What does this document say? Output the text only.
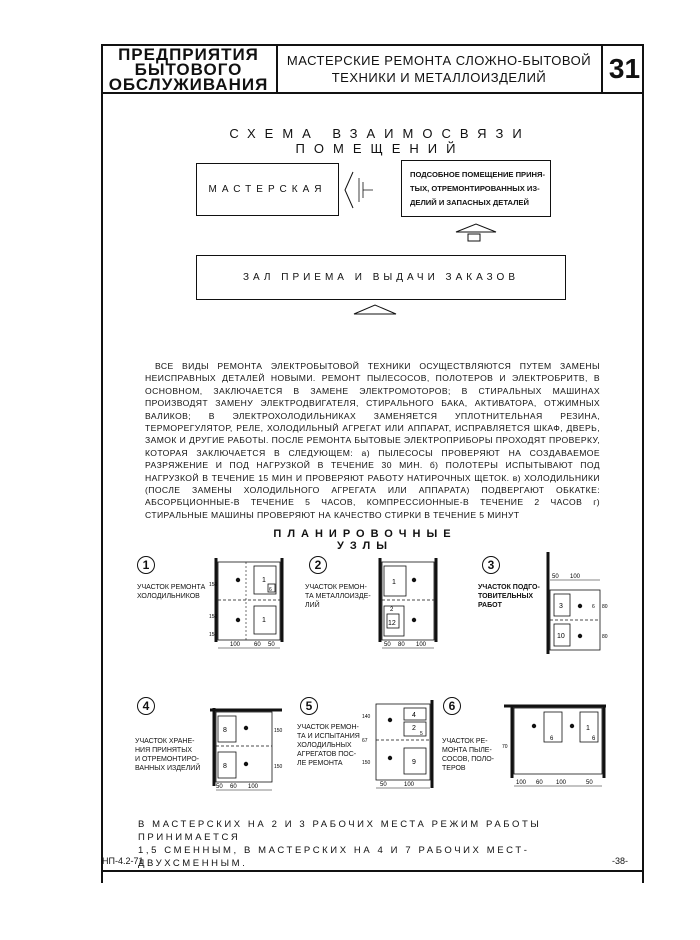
ПРЕДПРИЯТИЯ
БЫТОВОГО
ОБСЛУЖИВАНИЯ
МАСТЕРСКИЕ РЕМОНТА СЛОЖНО-БЫТОВОЙ
ТЕХНИКИ И МЕТАЛЛОИЗДЕЛИЙ 31
СХЕМА ВЗАИМОСВЯЗИ ПОМЕЩЕНИЙ
МАСТЕРСКАЯ
ПОДСОБНОЕ ПОМЕЩЕНИЕ ПРИНЯ-
ТЫХ, ОТРЕМОНТИРОВАННЫХ ИЗ-
ДЕЛИЙ И ЗАПАСНЫХ ДЕТАЛЕЙ
ЗАЛ ПРИЕМА И ВЫДАЧИ ЗАКАЗОВ

ВСЕ ВИДЫ РЕМОНТА ЭЛЕКТРОБЫТОВОЙ ТЕХНИКИ ОСУЩЕСТВЛЯЮТСЯ ПУТЕМ ЗАМЕНЫ НЕИСПРАВНЫХ ДЕТАЛЕЙ НОВЫМИ. РЕМОНТ ПЫЛЕСОСОВ, ПОЛОТЕРОВ И ЭЛЕКТРОБРИТВ, В ОСНОВНОМ, ЗАКЛЮЧАЕТСЯ В ЗАМЕНЕ ЭЛЕКТРОМОТОРОВ; В СТИРАЛЬНЫХ МАШИНАХ ПРОИЗВОДЯТ ЗАМЕНУ ЭЛЕКТРОДВИГАТЕЛЯ, СТИРАЛЬНОГО БАКА, АКТИВАТОРА, ОТЖИМНЫХ ВАЛИКОВ; В ЭЛЕКТРОХОЛОДИЛЬНИКАХ ЗАМЕНЯЕТСЯ УПЛОТНИТЕЛЬНАЯ РЕЗИНА, ТЕРМОРЕГУЛЯТОР, РЕЛЕ, ХОЛОДИЛЬНЫЙ АГРЕГАТ ИЛИ АППАРАТ, ИСПРАВЛЯЕТСЯ ШКАФ, ДВЕРЬ, ЗАМОК И ДРУГИЕ РАБОТЫ. ПОСЛЕ РЕМОНТА БЫТОВЫЕ ЭЛЕКТРОПРИБОРЫ ПРОХОДЯТ ПРОВЕРКУ, КОТОРАЯ ЗАКЛЮЧАЕТСЯ В СЛЕДУЮЩЕМ: а) ПЫЛЕСОСЫ ПРОВЕРЯЮТ НА СОЗДАВАЕМОЕ РАЗРЯЖЕНИЕ И ПОД НАГРУЗКОЙ В ТЕЧЕНИЕ 30 МИН. б) ПОЛОТЕРЫ ИСПЫТЫВАЮТ ПОД НАГРУЗКОЙ В ТЕЧЕНИЕ 15 МИН И ПРОВЕРЯЮТ РАБОТУ НАТИРОЧНЫХ ЩЕТОК. в) ХОЛОДИЛЬНИКИ (ПОСЛЕ ЗАМЕНЫ ХОЛОДИЛЬНОГО АГРЕГАТА ИЛИ АППАРАТА) ПОДВЕРГАЮТ ОБКАТКЕ: АБСОРБЦИОННЫЕ-В ТЕЧЕНИЕ 5 ЧАСОВ, КОМПРЕССИОННЫЕ-В ТЕЧЕНИЕ 2 ЧАСОВ г) СТИРАЛЬНЫЕ МАШИНЫ ПРОВЕРЯЮТ НА КАЧЕСТВО СТИРКИ В ТЕЧЕНИЕ 5 МИНУТ

ПЛАНИРОВОЧНЫЕ УЗЛЫ
1
УЧАСТОК РЕМОНТА
ХОЛОДИЛЬНИКОВ
100 60 50
150
150
15
1
6
1
2
УЧАСТОК РЕМОН-
ТА МЕТАЛЛОИЗДЕ-
ЛИЙ
50 80 100
1
2
12
3
УЧАСТОК ПОДГО-
ТОВИТЕЛЬНЫХ
РАБОТ
50 100
80
80
3	6
10
4
УЧАСТОК ХРАНЕ-
НИЯ ПРИНЯТЫХ
И ОТРЕМОНТИРО-
ВАННЫХ ИЗДЕЛИЙ
50 60 100
150
150
8
8
5
УЧАСТОК РЕМОН-
ТА И ИСПЫТАНИЯ
ХОЛОДИЛЬНЫХ
АГРЕГАТОВ ПОС-
ЛЕ РЕМОНТА
50	100
140
67
150
4
2
5
9
6
УЧАСТОК РЕ-
МОНТА ПЫЛЕ-
СОСОВ, ПОЛО-
ТЕРОВ
100 60 100	50
70
6
1
6
В МАСТЕРСКИХ НА 2 И 3 РАБОЧИХ МЕСТА РЕЖИМ РАБОТЫ ПРИНИМАЕТСЯ
1,5 СМЕННЫМ, В МАСТЕРСКИХ НА 4 И 7 РАБОЧИХ МЕСТ-ДВУХСМЕННЫМ.
НП-4.2-71	-38-
